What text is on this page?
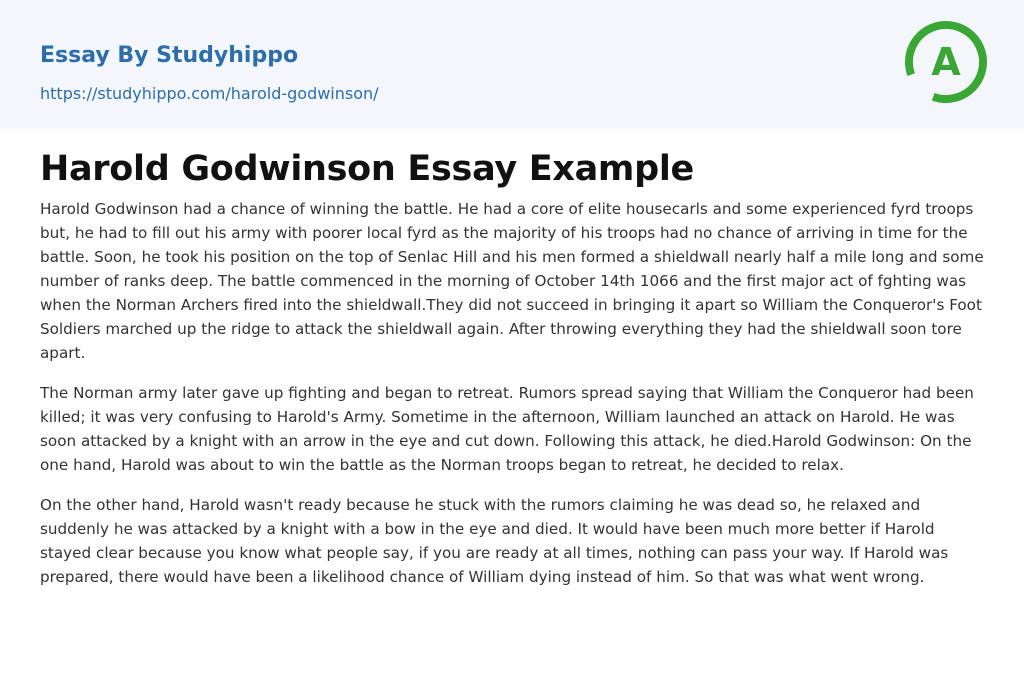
Essay By Studyhippo
https://studyhippo.com/harold-godwinson/
A
Harold Godwinson Essay Example

Harold Godwinson had a chance of winning the battle. He had a core of elite housecarls and some experienced fyrd troops but, he had to fill out his army with poorer local fyrd as the majority of his troops had no chance of arriving in time for the battle. Soon, he took his position on the top of Senlac Hill and his men formed a shieldwall nearly half a mile long and some number of ranks deep. The battle commenced in the morning of October 14th 1066 and the first major act of fghting was when the Norman Archers fired into the shieldwall.They did not succeed in bringing it apart so William the Conqueror's Foot Soldiers marched up the ridge to attack the shieldwall again. After throwing everything they had the shieldwall soon tore apart.

The Norman army later gave up fighting and began to retreat. Rumors spread saying that William the Conqueror had been killed; it was very confusing to Harold's Army. Sometime in the afternoon, William launched an attack on Harold. He was soon attacked by a knight with an arrow in the eye and cut down. Following this attack, he died.Harold Godwinson: On the one hand, Harold was about to win the battle as the Norman troops began to retreat, he decided to relax.

On the other hand, Harold wasn't ready because he stuck with the rumors claiming he was dead so, he relaxed and suddenly he was attacked by a knight with a bow in the eye and died. It would have been much more better if Harold stayed clear because you know what people say, if you are ready at all times, nothing can pass your way. If Harold was prepared, there would have been a likelihood chance of William dying instead of him. So that was what went wrong.
